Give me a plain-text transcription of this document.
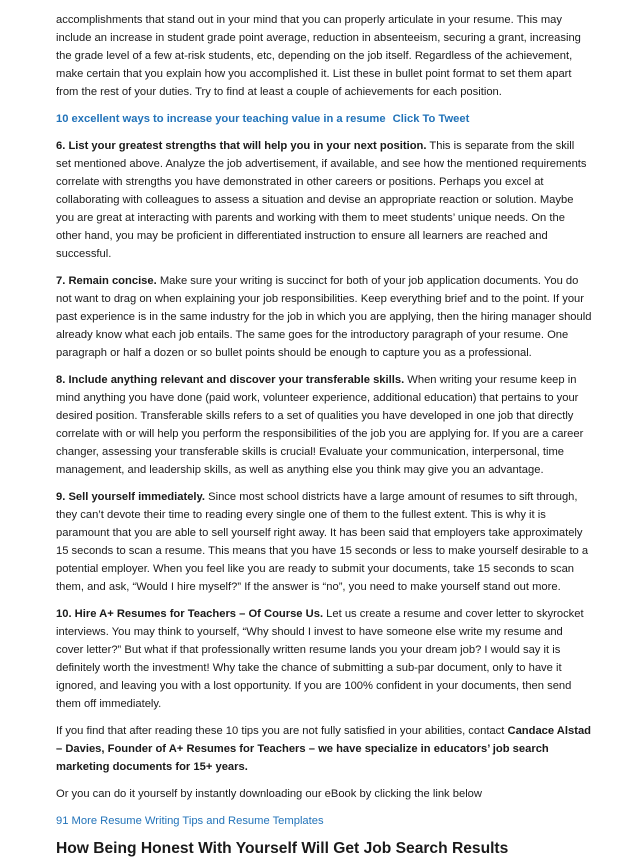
accomplishments that stand out in your mind that you can properly articulate in your resume. This may include an increase in student grade point average, reduction in absenteeism, securing a grant, increasing the grade level of a few at-risk students, etc, depending on the job itself. Regardless of the achievement, make certain that you explain how you accomplished it. List these in bullet point format to set them apart from the rest of your duties. Try to find at least a couple of achievements for each position.

10 excellent ways to increase your teaching value in a resume Click To Tweet

6. List your greatest strengths that will help you in your next position. This is separate from the skill set mentioned above. Analyze the job advertisement, if available, and see how the mentioned requirements correlate with strengths you have demonstrated in other careers or positions. Perhaps you excel at collaborating with colleagues to assess a situation and devise an appropriate reaction or solution. Maybe you are great at interacting with parents and working with them to meet students’ unique needs. On the other hand, you may be proficient in differentiated instruction to ensure all learners are reached and successful.

7. Remain concise. Make sure your writing is succinct for both of your job application documents. You do not want to drag on when explaining your job responsibilities. Keep everything brief and to the point. If your past experience is in the same industry for the job in which you are applying, then the hiring manager should already know what each job entails. The same goes for the introductory paragraph of your resume. One paragraph or half a dozen or so bullet points should be enough to capture you as a professional.

8. Include anything relevant and discover your transferable skills. When writing your resume keep in mind anything you have done (paid work, volunteer experience, additional education) that pertains to your desired position. Transferable skills refers to a set of qualities you have developed in one job that directly correlate with or will help you perform the responsibilities of the job you are applying for. If you are a career changer, assessing your transferable skills is crucial! Evaluate your communication, interpersonal, time management, and leadership skills, as well as anything else you think may give you an advantage.

9. Sell yourself immediately. Since most school districts have a large amount of resumes to sift through, they can’t devote their time to reading every single one of them to the fullest extent. This is why it is paramount that you are able to sell yourself right away. It has been said that employers take approximately 15 seconds to scan a resume. This means that you have 15 seconds or less to make yourself desirable to a potential employer. When you feel like you are ready to submit your documents, take 15 seconds to scan them, and ask, “Would I hire myself?” If the answer is “no”, you need to make yourself stand out more.

10. Hire A+ Resumes for Teachers – Of Course Us. Let us create a resume and cover letter to skyrocket interviews. You may think to yourself, “Why should I invest to have someone else write my resume and cover letter?” But what if that professionally written resume lands you your dream job? I would say it is definitely worth the investment! Why take the chance of submitting a sub-par document, only to have it ignored, and leaving you with a lost opportunity. If you are 100% confident in your documents, then send them off immediately.

If you find that after reading these 10 tips you are not fully satisfied in your abilities, contact Candace Alstad – Davies, Founder of A+ Resumes for Teachers – we have specialize in educators’ job search marketing documents for 15+ years.

Or you can do it yourself by instantly downloading our eBook by clicking the link below

91 More Resume Writing Tips and Resume Templates

How Being Honest With Yourself Will Get Job Search Results
